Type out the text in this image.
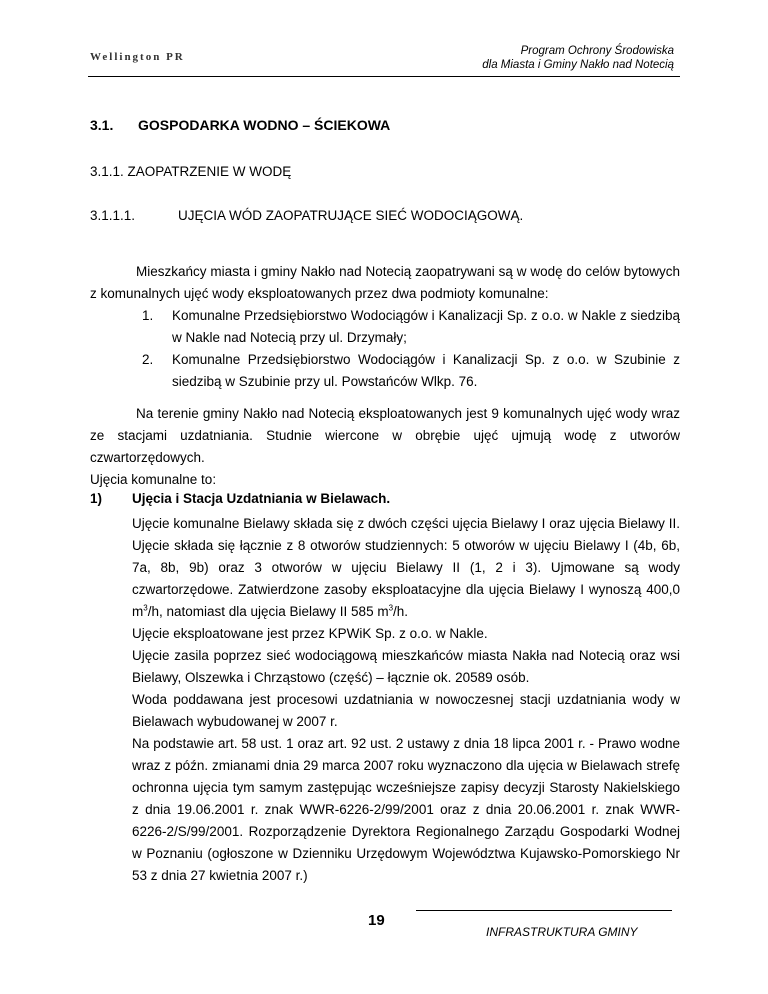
Wellington PR	Program Ochrony Środowiska
dla Miasta i Gminy Nakło nad Notecią
3.1. GOSPODARKA WODNO – ŚCIEKOWA
3.1.1. ZAOPATRZENIE W WODĘ
3.1.1.1.	UJĘCIA WÓD ZAOPATRUJĄCE SIEĆ WODOCIĄGOWĄ.
Mieszkańcy miasta i gminy Nakło nad Notecią zaopatrywani są w wodę do celów bytowych z komunalnych ujęć wody eksploatowanych przez dwa podmioty komunalne:
1. Komunalne Przedsiębiorstwo Wodociągów i Kanalizacji Sp. z o.o. w Nakle z siedzibą w Nakle nad Notecią przy ul. Drzymały;
2. Komunalne Przedsiębiorstwo Wodociągów i Kanalizacji Sp. z o.o. w Szubinie z siedzibą w Szubinie przy ul. Powstańców Wlkp. 76.
Na terenie gminy Nakło nad Notecią eksploatowanych jest 9 komunalnych ujęć wody wraz ze stacjami uzdatniania. Studnie wiercone w obrębie ujęć ujmują wodę z utworów czwartorzędowych.
Ujęcia komunalne to:
1) Ujęcia i Stacja Uzdatniania w Bielawach.
Ujęcie komunalne Bielawy składa się z dwóch części ujęcia Bielawy I oraz ujęcia Bielawy II. Ujęcie składa się łącznie z 8 otworów studziennych: 5 otworów w ujęciu Bielawy I (4b, 6b, 7a, 8b, 9b) oraz 3 otworów w ujęciu Bielawy II (1, 2 i 3). Ujmowane są wody czwartorzędowe. Zatwierdzone zasoby eksploatacyjne dla ujęcia Bielawy I wynoszą 400,0 $m^3/h$, natomiast dla ujęcia Bielawy II 585 $m^3/h$.
Ujęcie eksploatowane jest przez KPWiK Sp. z o.o. w Nakle.
Ujęcie zasila poprzez sieć wodociągową mieszkańców miasta Nakła nad Notecią oraz wsi Bielawy, Olszewka i Chrząstowo (część) – łącznie ok. 20589 osób.
Woda poddawana jest procesowi uzdatniania w nowoczesnej stacji uzdatniania wody w Bielawach wybudowanej w 2007 r.
Na podstawie art. 58 ust. 1 oraz art. 92 ust. 2 ustawy z dnia 18 lipca 2001 r. - Prawo wodne wraz z późn. zmianami dnia 29 marca 2007 roku wyznaczono dla ujęcia w Bielawach strefę ochronna ujęcia tym samym zastępując wcześniejsze zapisy decyzji Starosty Nakielskiego z dnia 19.06.2001 r. znak WWR-6226-2/99/2001 oraz z dnia 20.06.2001 r. znak WWR-6226-2/S/99/2001. Rozporządzenie Dyrektora Regionalnego Zarządu Gospodarki Wodnej w Poznaniu (ogłoszone w Dzienniku Urzędowym Województwa Kujawsko-Pomorskiego Nr 53 z dnia 27 kwietnia 2007 r.)
19
INFRASTRUKTURA GMINY
